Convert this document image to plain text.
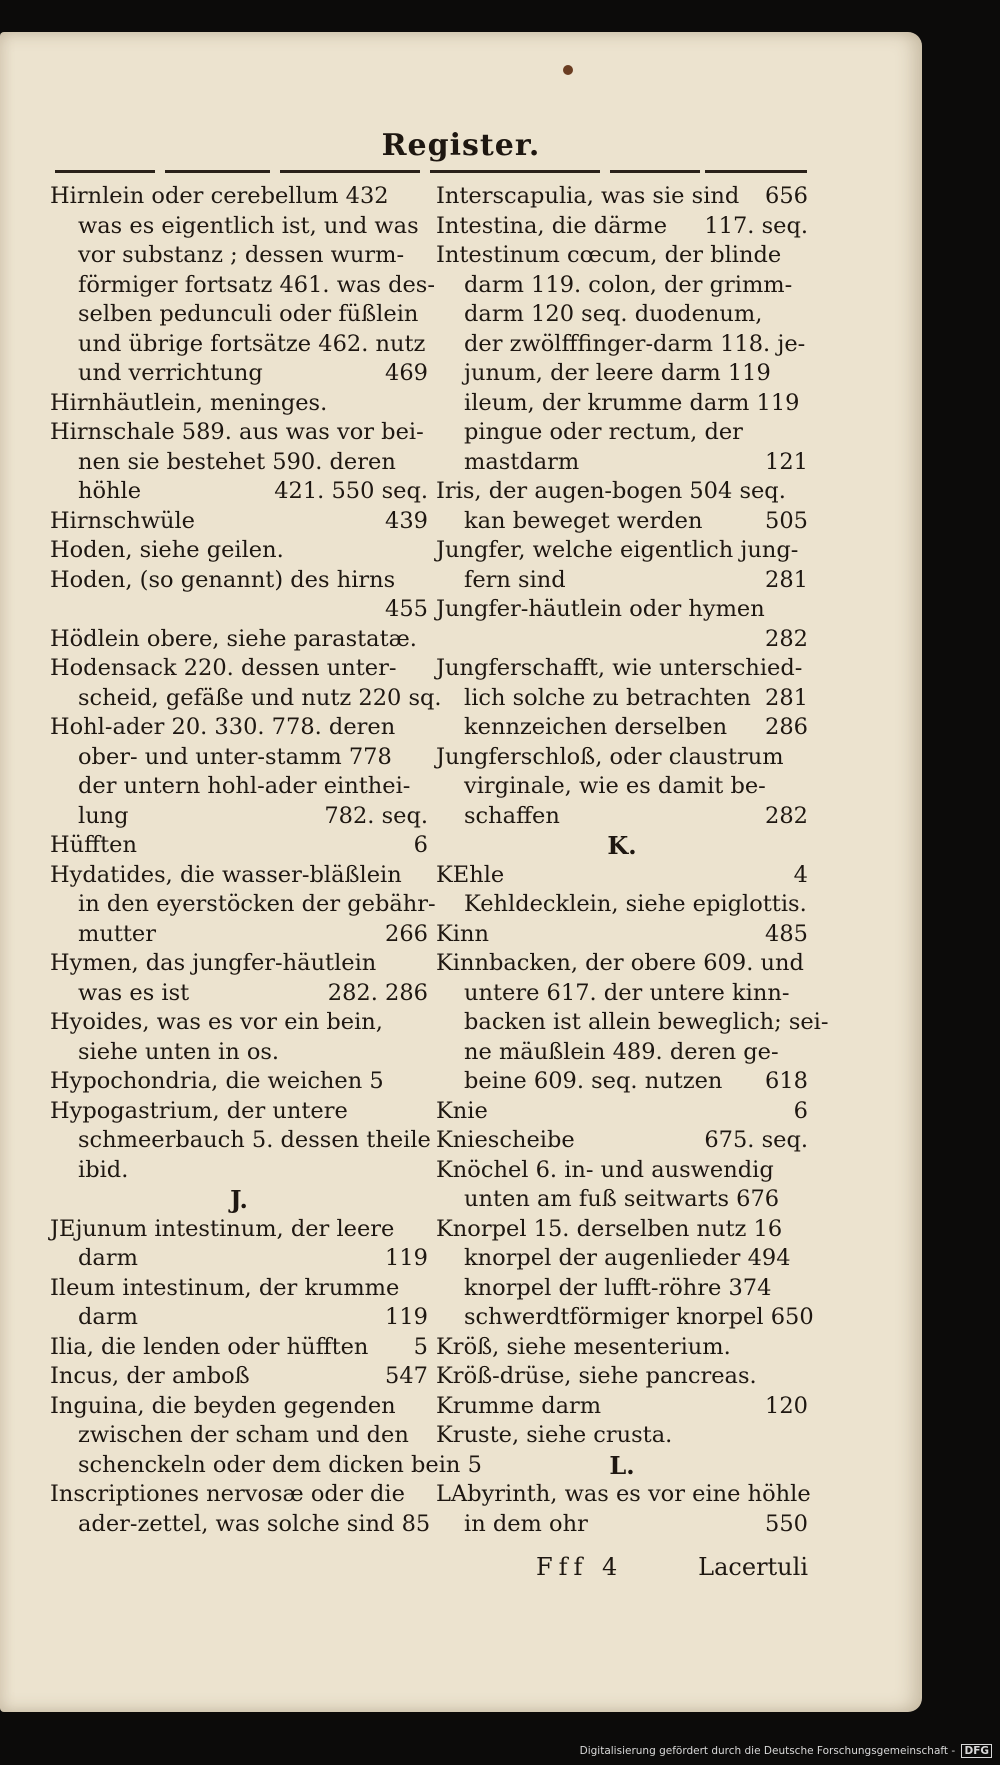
Register.
Hirnlein oder cerebellum 432
was es eigentlich ist, und was
vor substanz ; dessen wurm-
förmiger fortsatz 461. was des-
selben pedunculi oder füßlein
und übrige fortsätze 462. nutz
und verrichtung	469
Hirnhäutlein, meninges.
Hirnschale 589. aus was vor bei-
nen sie bestehet 590. deren
höhle	421. 550 seq.
Hirnschwüle	439
Hoden, siehe geilen.
Hoden, (so genannt) des hirns
455
Hödlein obere, siehe parastatæ.
Hodensack 220. dessen unter-
scheid, gefäße und nutz 220 sq.
Hohl-ader 20. 330. 778. deren
ober- und unter-stamm 778
der untern hohl-ader einthei-
lung	782. seq.
Hüfften	6
Hydatides, die wasser-bläßlein
in den eyerstöcken der gebähr-
mutter	266
Hymen, das jungfer-häutlein
was es ist	282. 286
Hyoides, was es vor ein bein,
siehe unten in os.
Hypochondria, die weichen 5
Hypogastrium, der untere
schmeerbauch 5. dessen theile
ibid.
J.
JEjunum intestinum, der leere
darm	119
Ileum intestinum, der krumme
darm	119
Ilia, die lenden oder hüfften 5
Incus, der amboß	547
Inguina, die beyden gegenden
zwischen der scham und den
schenckeln oder dem dicken bein 5
Inscriptiones nervosæ oder die
ader-zettel, was solche sind 85
Interscapulia, was sie sind 656
Intestina, die därme 117. seq.
Intestinum cœcum, der blinde
darm 119. colon, der grimm-
darm 120 seq. duodenum,
der zwölfffinger-darm 118. je-
junum, der leere darm 119
ileum, der krumme darm 119
pingue oder rectum, der
mastdarm	121
Iris, der augen-bogen 504 seq.
kan beweget werden	505
Jungfer, welche eigentlich jung-
fern sind	281
Jungfer-häutlein oder hymen
282
Jungferschafft, wie unterschied-
lich solche zu betrachten 281
kennzeichen derselben 286
Jungferschloß, oder claustrum
virginale, wie es damit be-
schaffen	282
K.
KEhle	4
Kehldecklein, siehe epiglottis.
Kinn	485
Kinnbacken, der obere 609. und
untere 617. der untere kinn-
backen ist allein beweglich; sei-
ne mäußlein 489. deren ge-
beine 609. seq. nutzen 618
Knie	6
Kniescheibe	675. seq.
Knöchel 6. in- und auswendig
unten am fuß seitwarts 676
Knorpel 15. derselben nutz 16
knorpel der augenlieder 494
knorpel der lufft-röhre 374
schwerdtförmiger knorpel 650
Kröß, siehe mesenterium.
Kröß-drüse, siehe pancreas.
Krumme darm	120
Kruste, siehe crusta.
L.
LAbyrinth, was es vor eine höhle
in dem ohr	550
Fff 4	Lacertuli
Digitalisierung gefördert durch die Deutsche Forschungsgemeinschaft - DFG
